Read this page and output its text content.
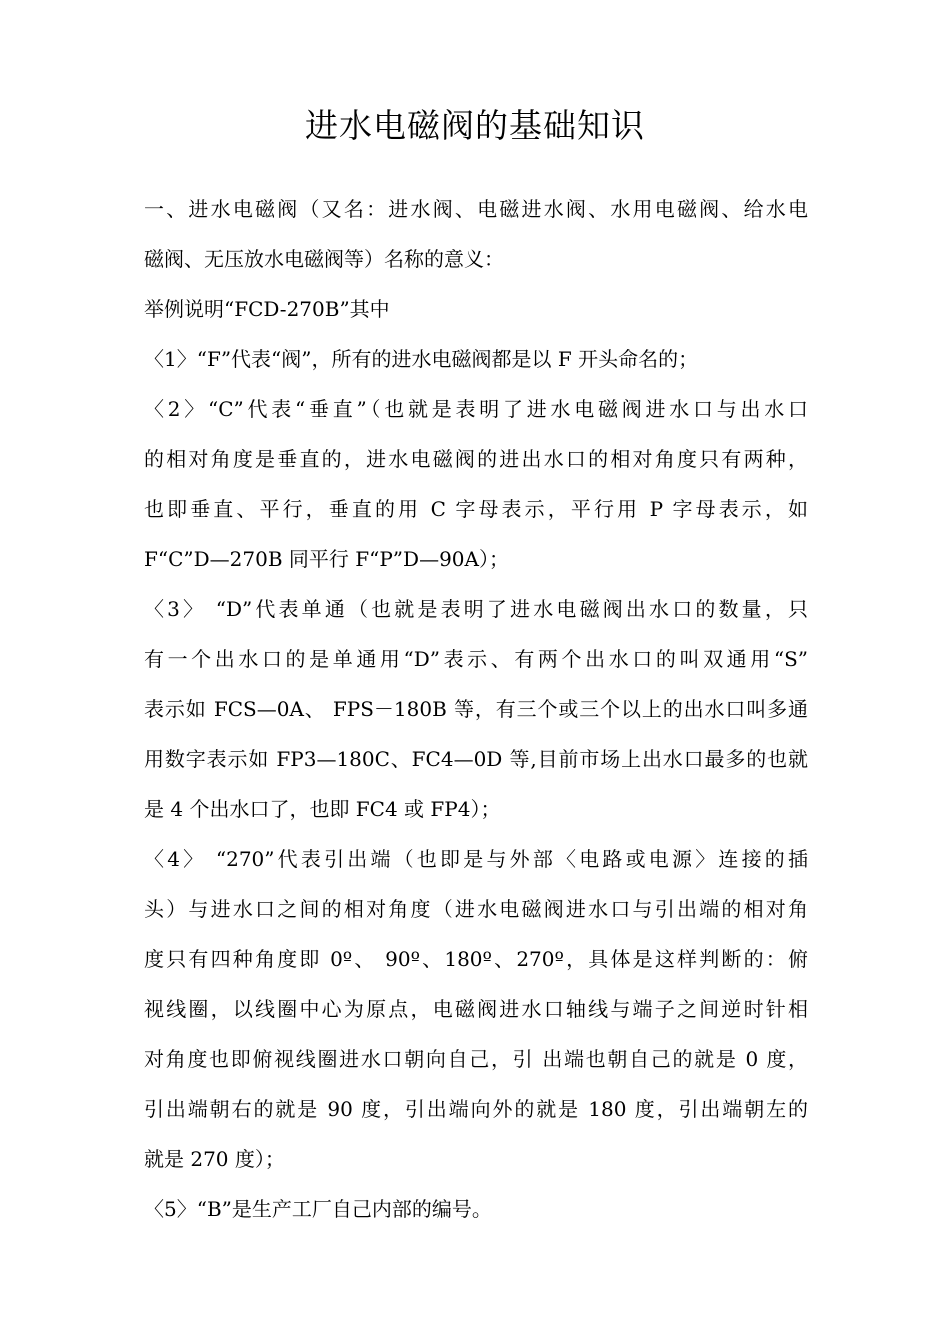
进水电磁阀的基础知识

一、进水电磁阀（又名：进水阀、电磁进水阀、水用电磁阀、给水电

磁阀、无压放水电磁阀等）名称的意义：

举例说明“FCD-270B”其中

〈1〉“F”代表“阀”，所有的进水电磁阀都是以 F 开头命名的；

〈2〉“C”代表“垂直”（也就是表明了进水电磁阀进水口与出水口

的相对角度是垂直的，进水电磁阀的进出水口的相对角度只有两种，

也即垂直、平行，垂直的用 C 字母表示，平行用 P 字母表示，如

F“C”D—270B 同平行 F“P”D—90A）；

〈3〉 “D”代表单通（也就是表明了进水电磁阀出水口的数量，只

有一个出水口的是单通用“D”表示、有两个出水口的叫双通用“S”

表示如 FCS—0A、 FPS－180B 等，有三个或三个以上的出水口叫多通

用数字表示如 FP3—180C、FC4—0D 等,目前市场上出水口最多的也就

是 4 个出水口了，也即 FC4 或 FP4）；

〈4〉 “270”代表引出端（也即是与外部〈电路或电源〉连接的插

头）与进水口之间的相对角度（进水电磁阀进水口与引出端的相对角

度只有四种角度即 0º、 90º、180º、270º，具体是这样判断的：俯

视线圈，以线圈中心为原点，电磁阀进水口轴线与端子之间逆时针相

对角度也即俯视线圈进水口朝向自己，引 出端也朝自己的就是 0 度，

引出端朝右的就是 90 度，引出端向外的就是 180 度，引出端朝左的

就是 270 度）；

〈5〉“B”是生产工厂自己内部的编号。
